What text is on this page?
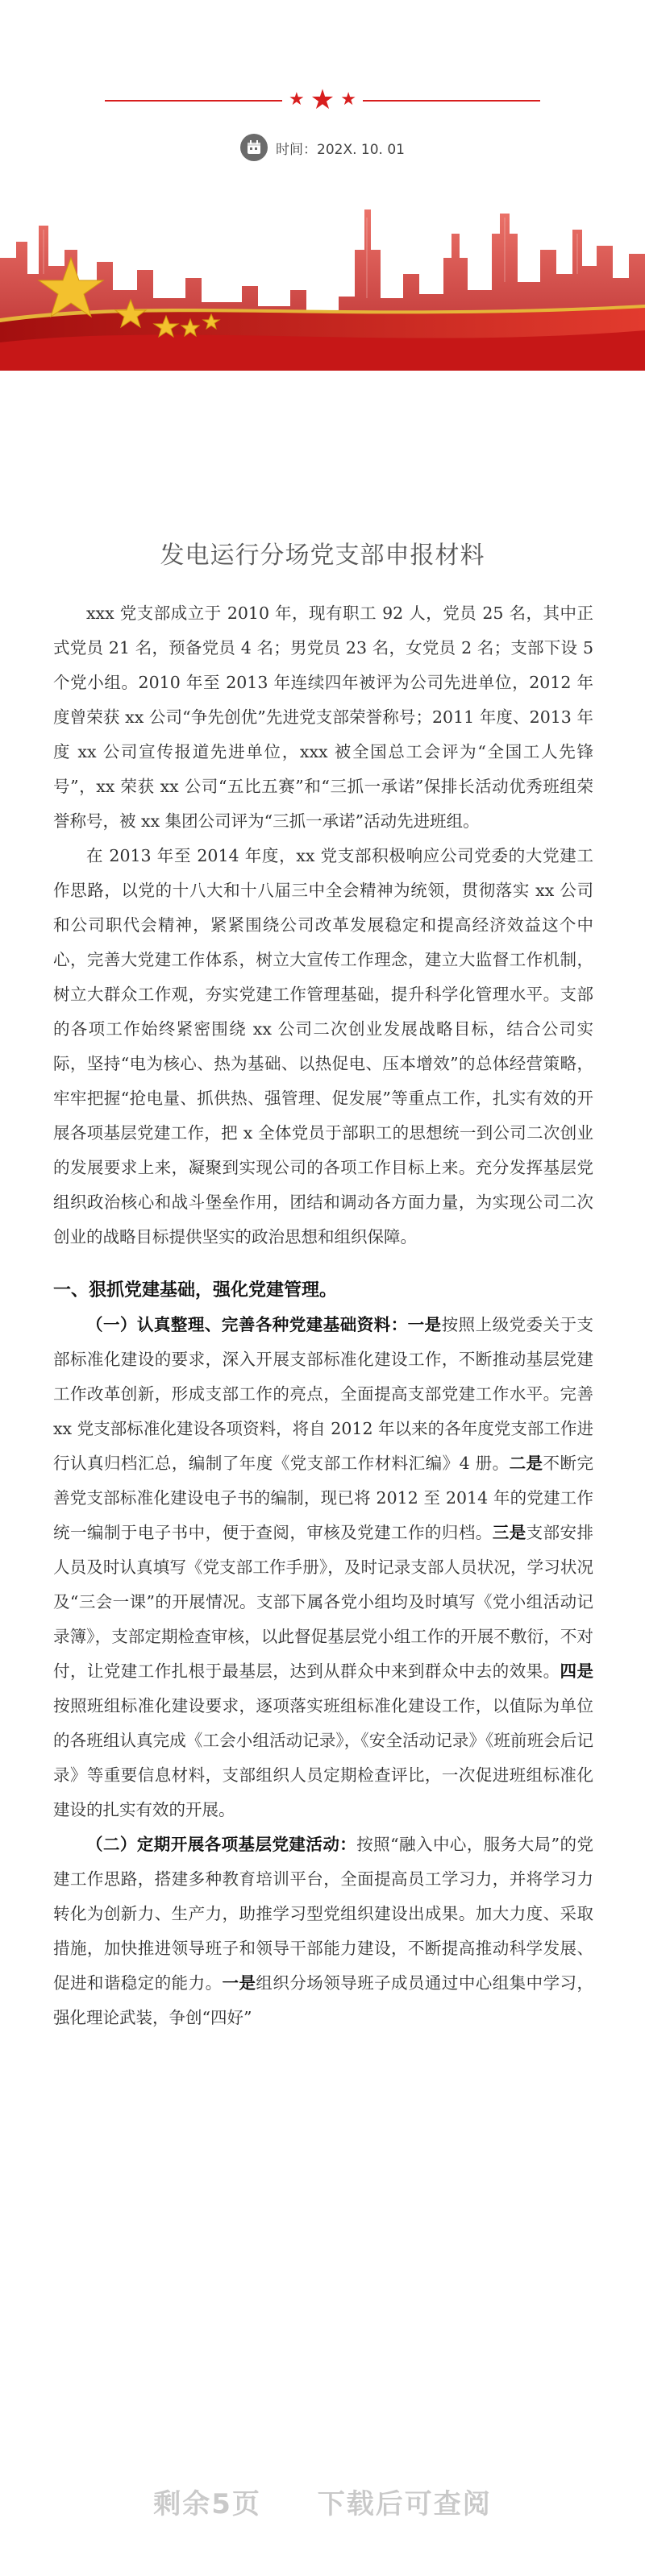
★ ★ ★
时间：202X. 10. 01
发电运行分场党支部申报材料

xxx 党支部成立于 2010 年，现有职工 92 人，党员 25 名，其中正式党员 21 名，预备党员 4 名；男党员 23 名，女党员 2 名；支部下设 5 个党小组。2010 年至 2013 年连续四年被评为公司先进单位，2012 年度曾荣获 xx 公司“争先创优”先进党支部荣誉称号；2011 年度、2013 年度 xx 公司宣传报道先进单位，xxx 被全国总工会评为“全国工人先锋号”，xx 荣获 xx 公司“五比五赛”和“三抓一承诺”保排长活动优秀班组荣誉称号，被 xx 集团公司评为“三抓一承诺”活动先进班组。

在 2013 年至 2014 年度，xx 党支部积极响应公司党委的大党建工作思路，以党的十八大和十八届三中全会精神为统领，贯彻落实 xx 公司和公司职代会精神，紧紧围绕公司改革发展稳定和提高经济效益这个中心，完善大党建工作体系，树立大宣传工作理念，建立大监督工作机制，树立大群众工作观，夯实党建工作管理基础，提升科学化管理水平。支部的各项工作始终紧密围绕 xx 公司二次创业发展战略目标，结合公司实际，坚持“电为核心、热为基础、以热促电、压本增效”的总体经营策略，牢牢把握“抢电量、抓供热、强管理、促发展”等重点工作，扎实有效的开展各项基层党建工作，把 x 全体党员于部职工的思想统一到公司二次创业的发展要求上来，凝聚到实现公司的各项工作目标上来。充分发挥基层党组织政治核心和战斗堡垒作用，团结和调动各方面力量，为实现公司二次创业的战略目标提供坚实的政治思想和组织保障。

一、狠抓党建基础，强化党建管理。

（一）认真整理、完善各种党建基础资料：一是按照上级党委关于支部标准化建设的要求，深入开展支部标准化建设工作，不断推动基层党建工作改革创新，形成支部工作的亮点，全面提高支部党建工作水平。完善 xx 党支部标准化建设各项资料，将自 2012 年以来的各年度党支部工作进行认真归档汇总，编制了年度《党支部工作材料汇编》4 册。二是不断完善党支部标准化建设电子书的编制，现已将 2012 至 2014 年的党建工作统一编制于电子书中，便于查阅，审核及党建工作的归档。三是支部安排人员及时认真填写《党支部工作手册》，及时记录支部人员状况，学习状况及“三会一课”的开展情况。支部下属各党小组均及时填写《党小组活动记录簿》，支部定期检查审核，以此督促基层党小组工作的开展不敷衍，不对付，让党建工作扎根于最基层，达到从群众中来到群众中去的效果。四是按照班组标准化建设要求，逐项落实班组标准化建设工作，以值际为单位的各班组认真完成《工会小组活动记录》，《安全活动记录》《班前班会后记录》等重要信息材料，支部组织人员定期检查评比，一次促进班组标准化建设的扎实有效的开展。

（二）定期开展各项基层党建活动：按照“融入中心，服务大局”的党建工作思路，搭建多种教育培训平台，全面提高员工学习力，并将学习力转化为创新力、生产力，助推学习型党组织建设出成果。加大力度、采取措施，加快推进领导班子和领导干部能力建设，不断提高推动科学发展、促进和谐稳定的能力。一是组织分场领导班子成员通过中心组集中学习，强化理论武装，争创“四好”

剩余5页 下载后可查阅
